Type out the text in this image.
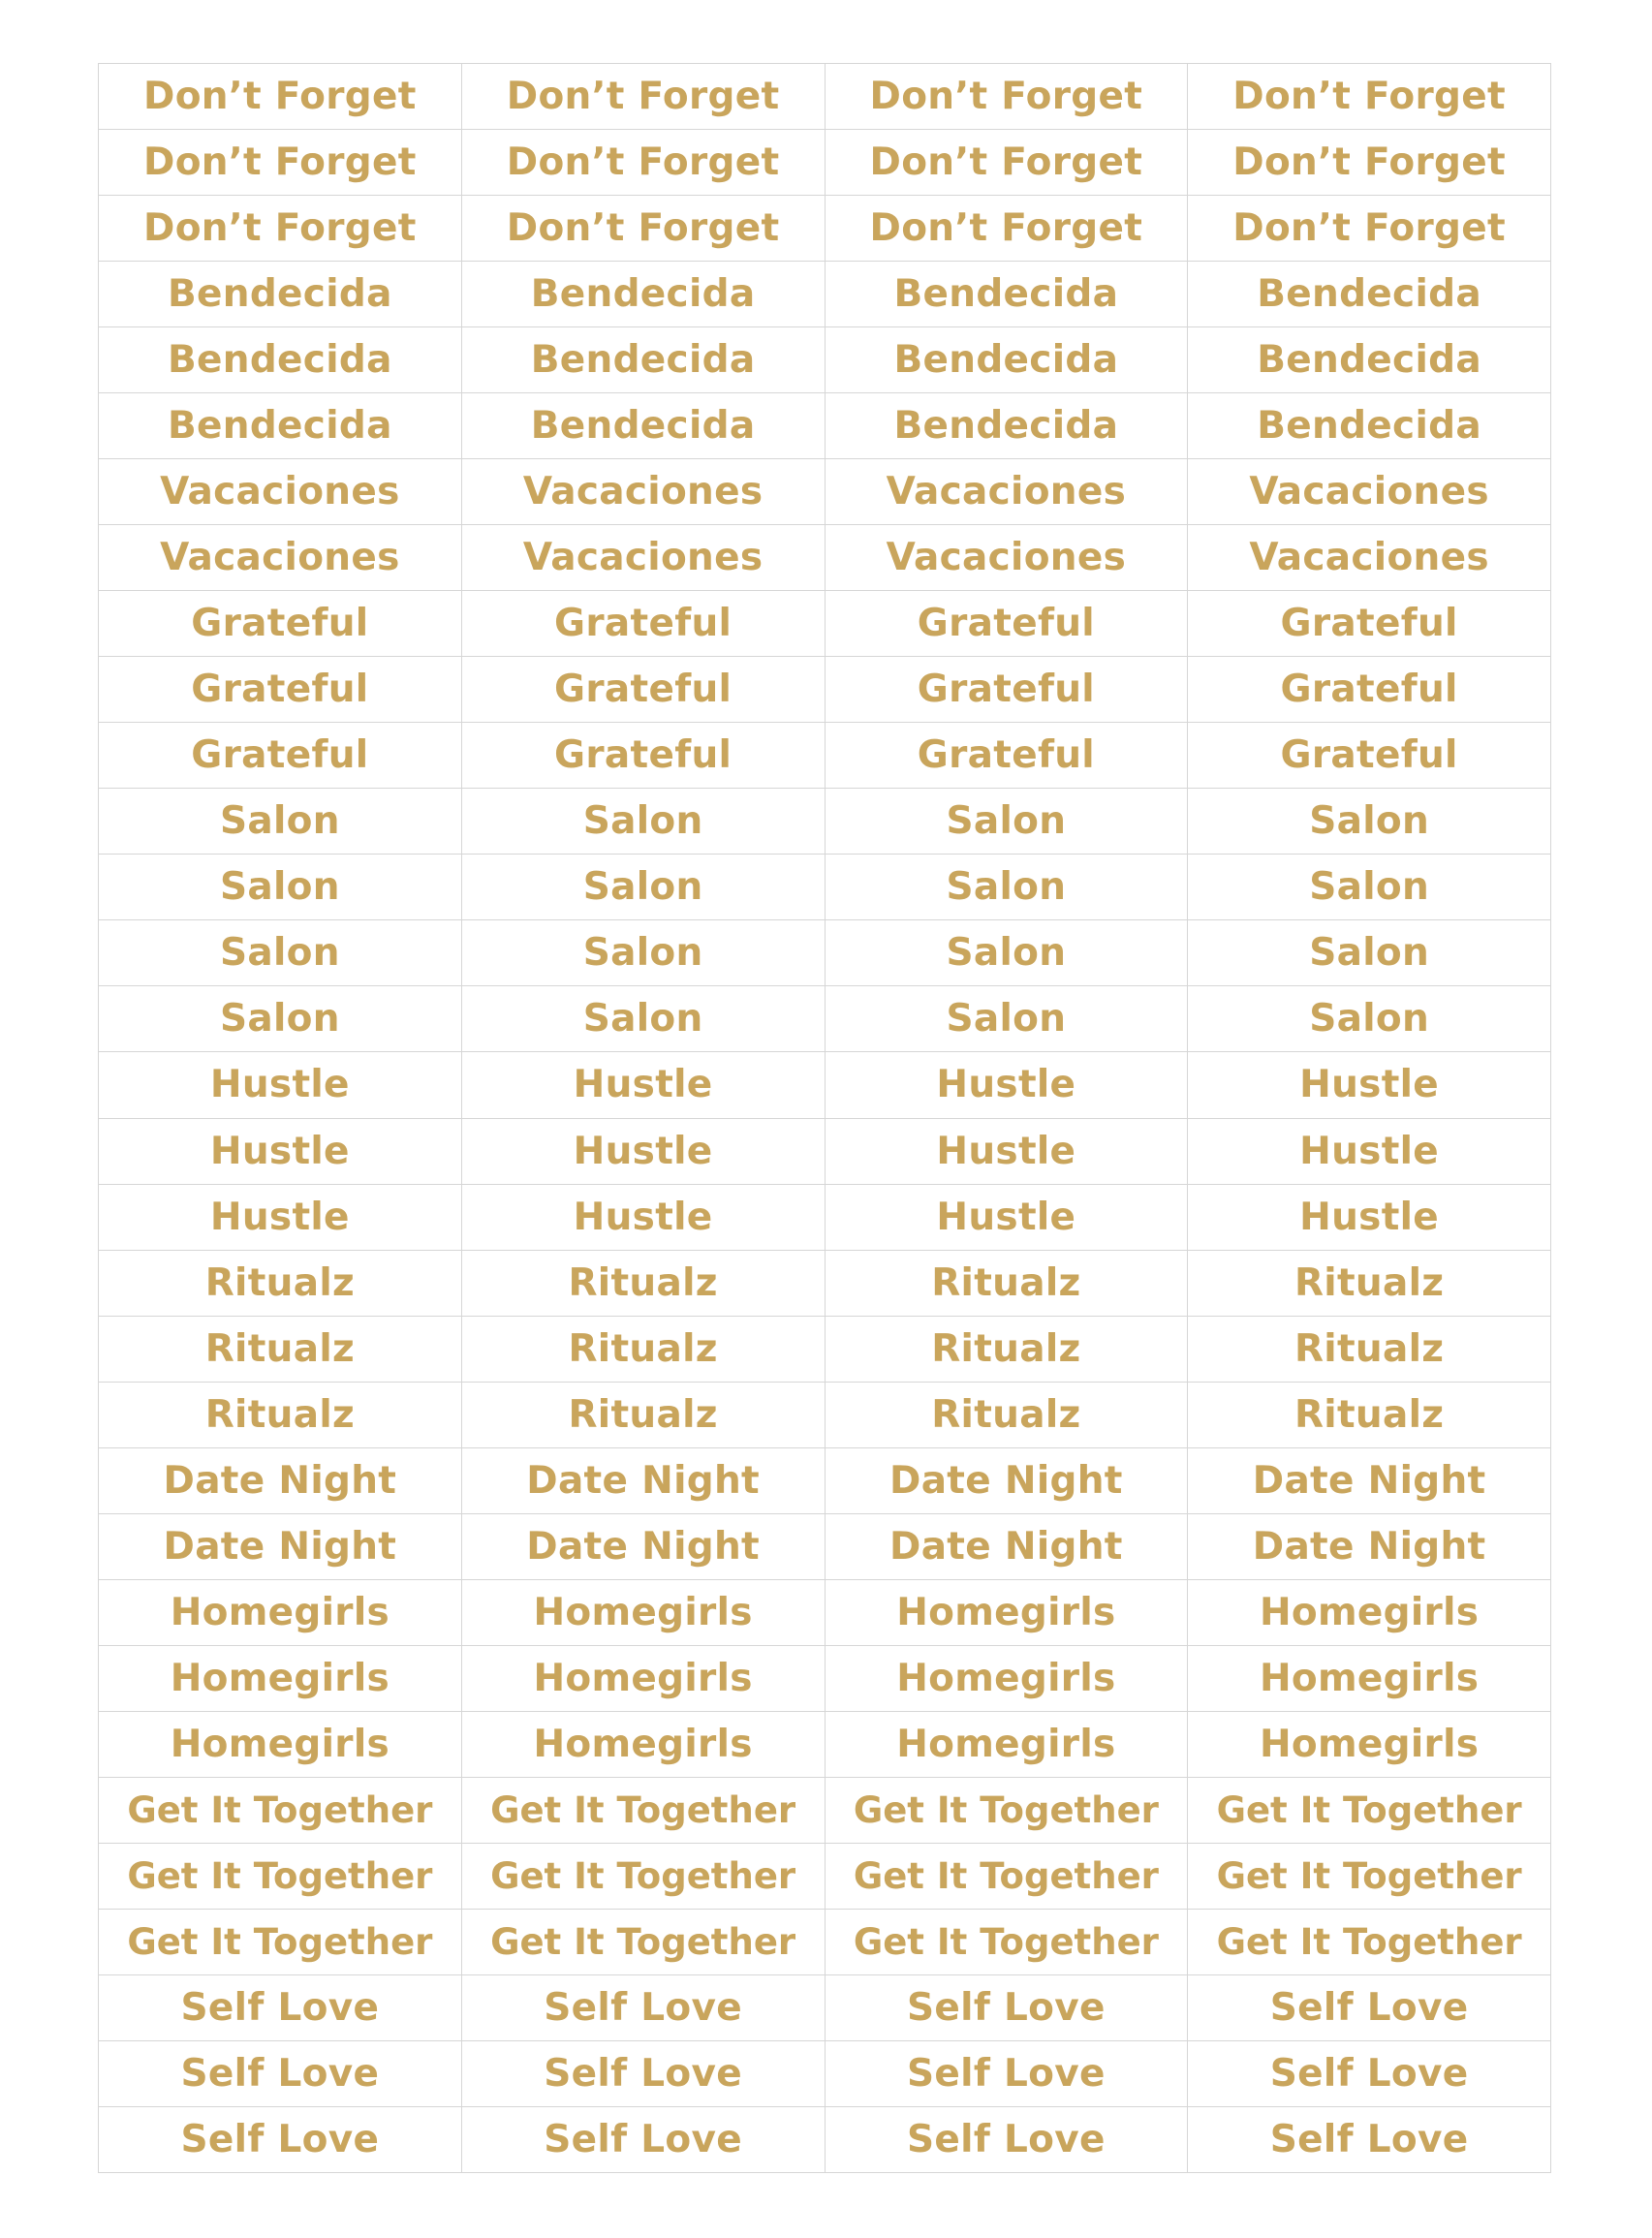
Don’t Forget	Don’t Forget	Don’t Forget	Don’t Forget
Don’t Forget	Don’t Forget	Don’t Forget	Don’t Forget
Don’t Forget	Don’t Forget	Don’t Forget	Don’t Forget
Bendecida	Bendecida	Bendecida	Bendecida
Bendecida	Bendecida	Bendecida	Bendecida
Bendecida	Bendecida	Bendecida	Bendecida
Vacaciones	Vacaciones	Vacaciones	Vacaciones
Vacaciones	Vacaciones	Vacaciones	Vacaciones
Grateful	Grateful	Grateful	Grateful
Grateful	Grateful	Grateful	Grateful
Grateful	Grateful	Grateful	Grateful
Salon	Salon	Salon	Salon
Salon	Salon	Salon	Salon
Salon	Salon	Salon	Salon
Salon	Salon	Salon	Salon
Hustle	Hustle	Hustle	Hustle
Hustle	Hustle	Hustle	Hustle
Hustle	Hustle	Hustle	Hustle
Ritualz	Ritualz	Ritualz	Ritualz
Ritualz	Ritualz	Ritualz	Ritualz
Ritualz	Ritualz	Ritualz	Ritualz
Date Night	Date Night	Date Night	Date Night
Date Night	Date Night	Date Night	Date Night
Homegirls	Homegirls	Homegirls	Homegirls
Homegirls	Homegirls	Homegirls	Homegirls
Homegirls	Homegirls	Homegirls	Homegirls
Get It Together	Get It Together	Get It Together	Get It Together
Get It Together	Get It Together	Get It Together	Get It Together
Get It Together	Get It Together	Get It Together	Get It Together
Self Love	Self Love	Self Love	Self Love
Self Love	Self Love	Self Love	Self Love
Self Love	Self Love	Self Love	Self Love
